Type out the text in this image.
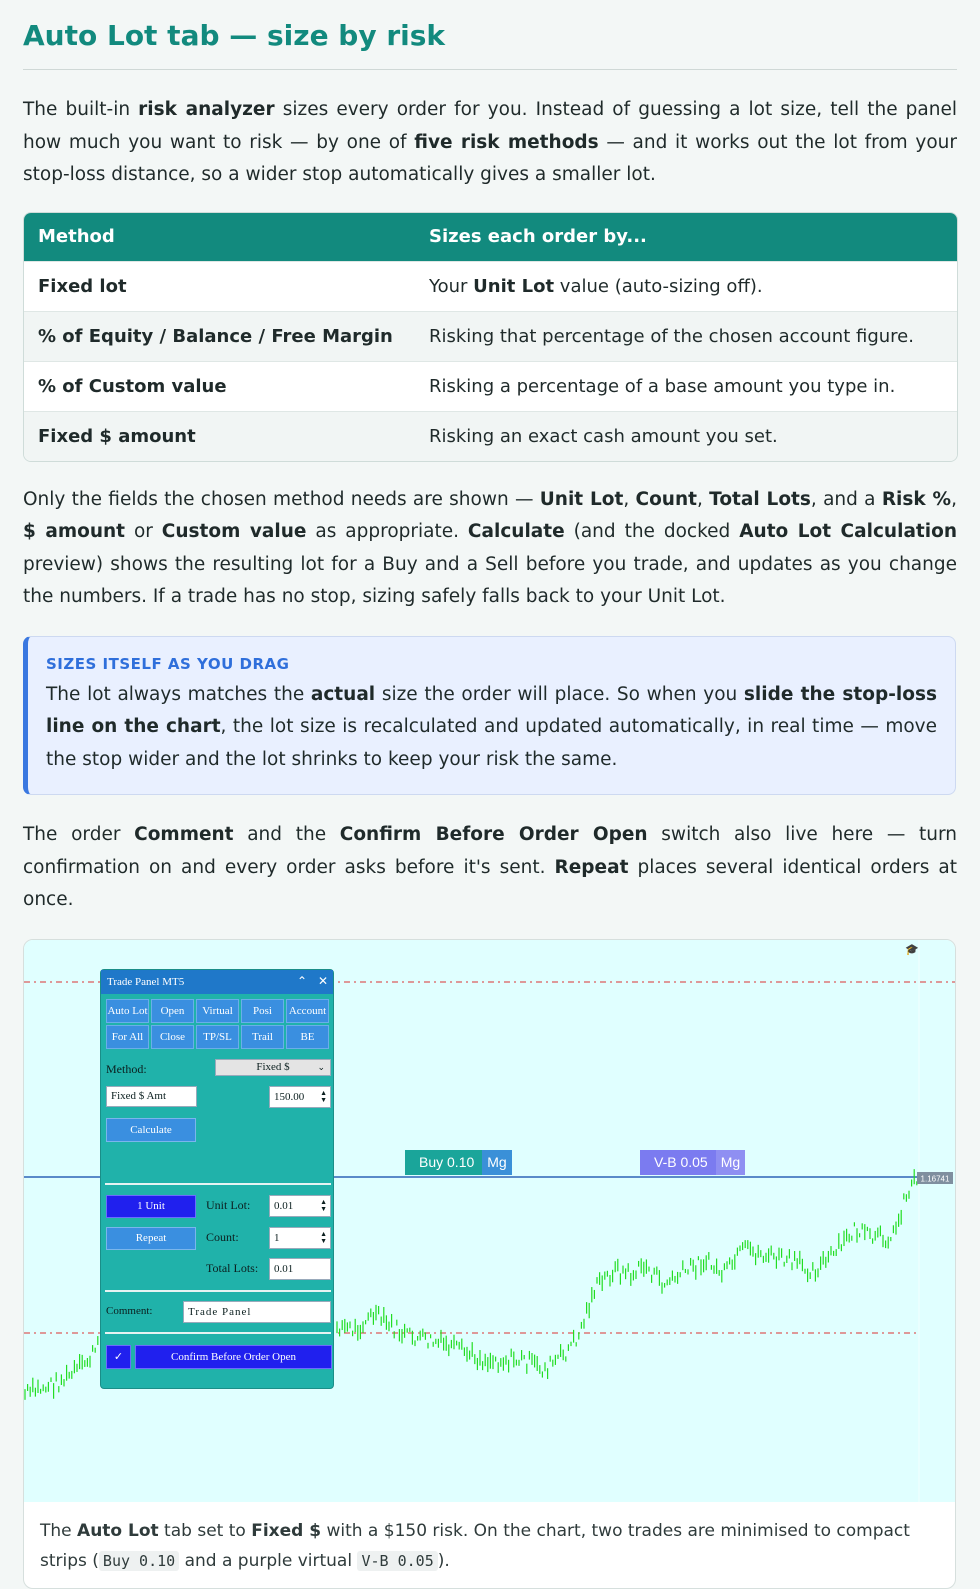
Auto Lot tab — size by risk

The built-in risk analyzer sizes every order for you. Instead of guessing a lot size, tell the panel how much you want to risk — by one of five risk methods — and it works out the lot from your stop-loss distance, so a wider stop automatically gives a smaller lot.

Method	Sizes each order by...
Fixed lot	Your Unit Lot value (auto-sizing off).
% of Equity / Balance / Free Margin	Risking that percentage of the chosen account figure.
% of Custom value	Risking a percentage of a base amount you type in.
Fixed $ amount	Risking an exact cash amount you set.

Only the fields the chosen method needs are shown — Unit Lot, Count, Total Lots, and a Risk %, $ amount or Custom value as appropriate. Calculate (and the docked Auto Lot Calculation preview) shows the resulting lot for a Buy and a Sell before you trade, and updates as you change the numbers. If a trade has no stop, sizing safely falls back to your Unit Lot.

SIZES ITSELF AS YOU DRAG

The lot always matches the actual size the order will place. So when you slide the stop-loss line on the chart, the lot size is recalculated and updated automatically, in real time — move the stop wider and the lot shrinks to keep your risk the same.

The order Comment and the Confirm Before Order Open switch also live here — turn confirmation on and every order asks before it's sent. Repeat places several identical orders at once.

1.16741
🎓
Buy 0.10 Mg	V-B 0.05 Mg
Trade Panel MT5	⌃ ✕
Auto Lot	Open	Virtual	Posi	Account
For All	Close	TP/SL	Trail	BE
Method:	Fixed $	⌄
Fixed $ Amt	150.00 ▲
▼
Calculate
1 Unit	Unit Lot: 0.01	▲
▼
Repeat	Count:	1	▲
▼
Total Lots:	0.01
Comment:	Trade Panel
✓	Confirm Before Order Open
The Auto Lot tab set to Fixed $ with a $150 risk. On the chart, two trades are minimised to compact strips ( Buy 0.10 and a purple virtual V-B 0.05 ).
